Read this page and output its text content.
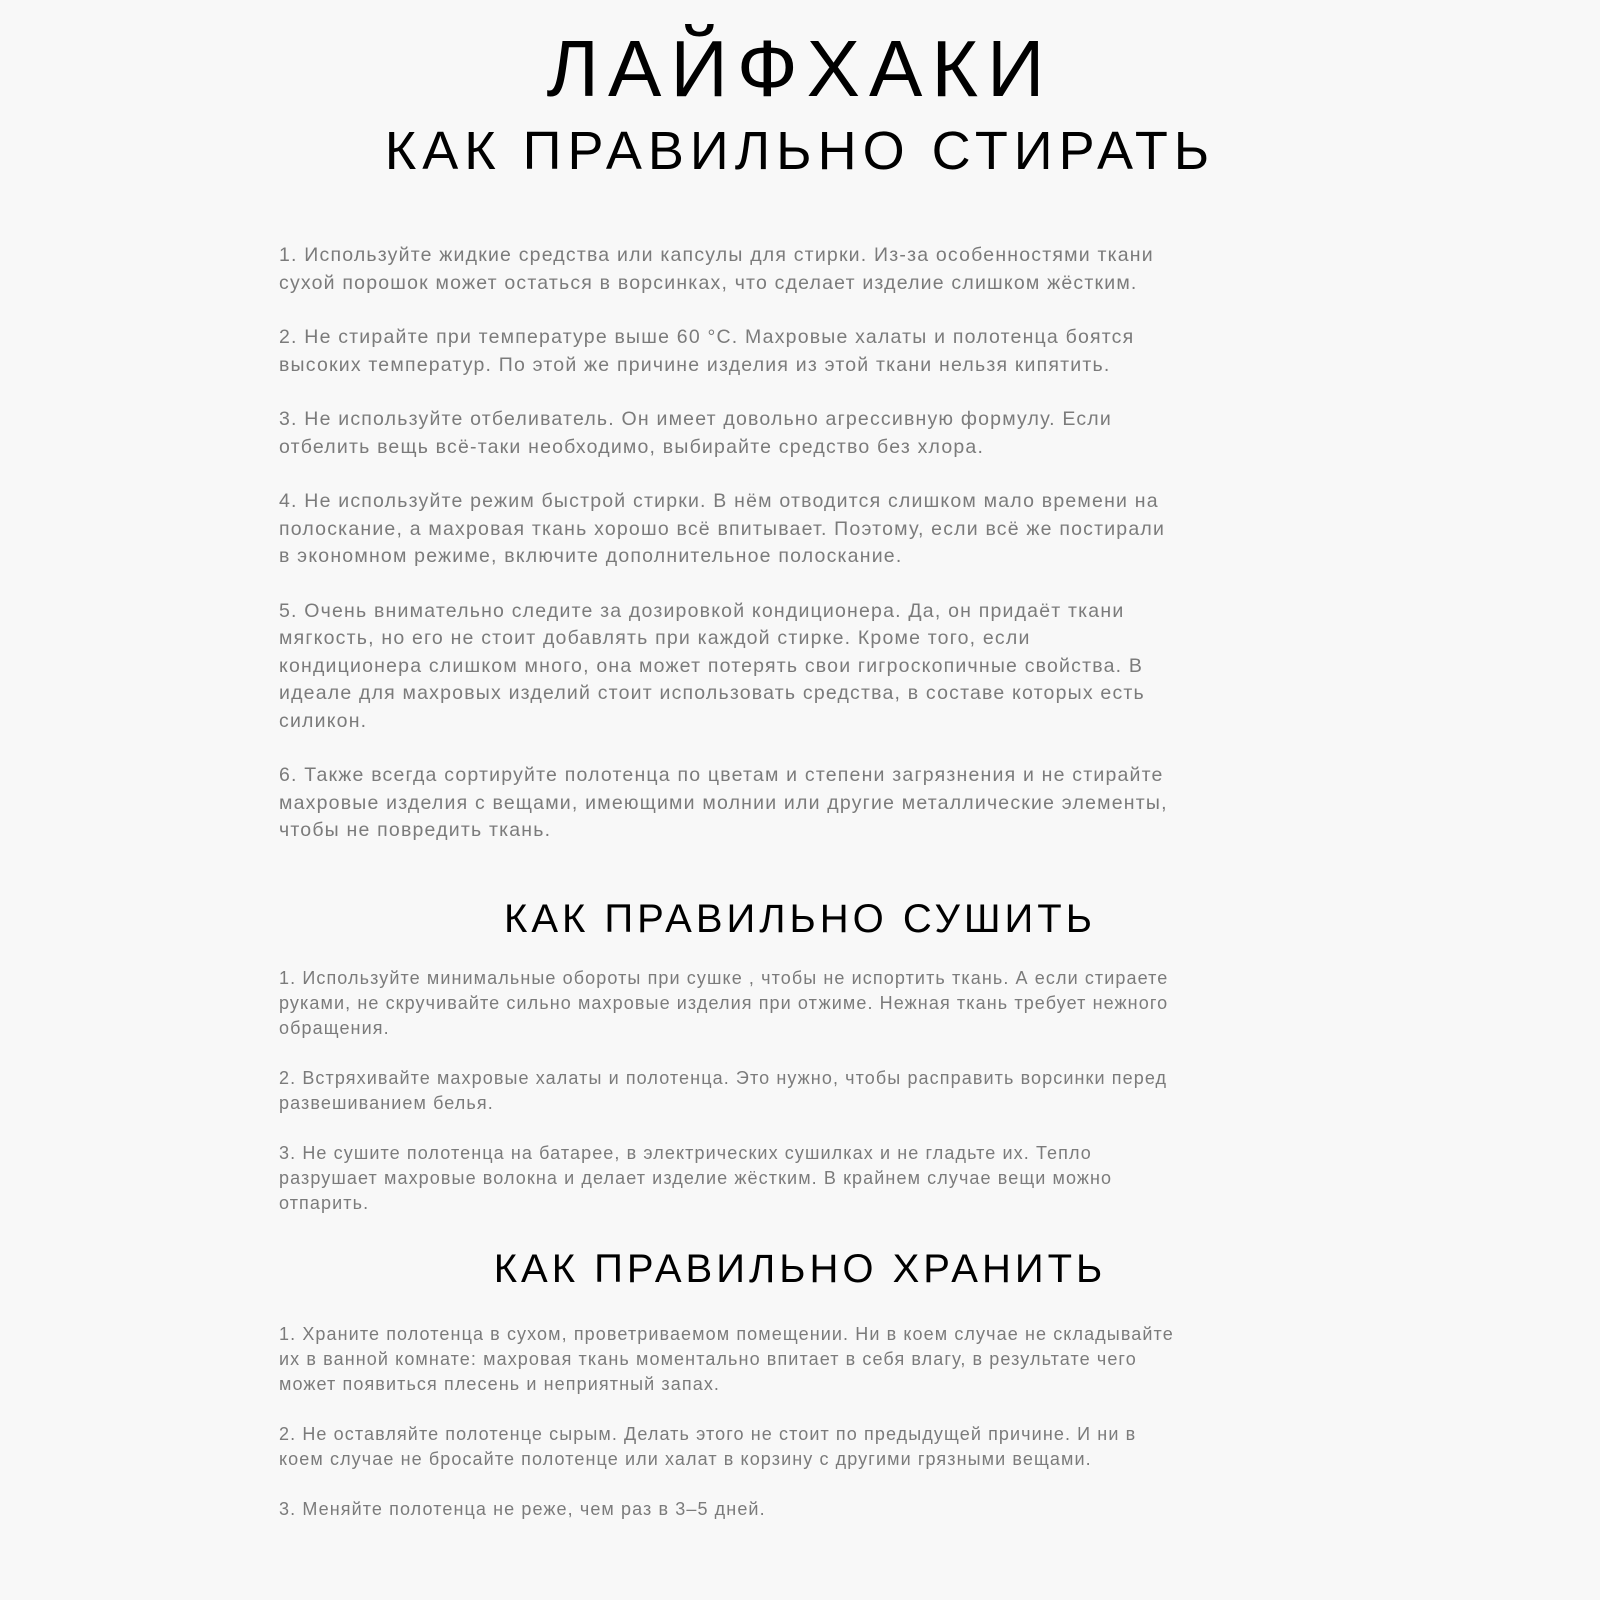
ЛАЙФХАКИ
КАК ПРАВИЛЬНО СТИРАТЬ

1. Используйте жидкие средства или капсулы для стирки. Из-за особенностями ткани
сухой порошок может остаться в ворсинках, что сделает изделие слишком жёстким.

2. Не стирайте при температуре выше 60 °С. Махровые халаты и полотенца боятся
высоких температур. По этой же причине изделия из этой ткани нельзя кипятить.

3. Не используйте отбеливатель. Он имеет довольно агрессивную формулу. Если
отбелить вещь всё-таки необходимо, выбирайте средство без хлора.

4. Не используйте режим быстрой стирки. В нём отводится слишком мало времени на
полоскание, а махровая ткань хорошо всё впитывает. Поэтому, если всё же постирали
в экономном режиме, включите дополнительное полоскание.

5. Очень внимательно следите за дозировкой кондиционера. Да, он придаёт ткани
мягкость, но его не стоит добавлять при каждой стирке. Кроме того, если
кондиционера слишком много, она может потерять свои гигроскопичные свойства. В
идеале для махровых изделий стоит использовать средства, в составе которых есть
силикон.

6. Также всегда сортируйте полотенца по цветам и степени загрязнения и не стирайте
махровые изделия с вещами, имеющими молнии или другие металлические элементы,
чтобы не повредить ткань.

КАК ПРАВИЛЬНО СУШИТЬ

1. Используйте минимальные обороты при сушке , чтобы не испортить ткань. А если стираете
руками, не скручивайте сильно махровые изделия при отжиме. Нежная ткань требует нежного
обращения.

2. Встряхивайте махровые халаты и полотенца. Это нужно, чтобы расправить ворсинки перед
развешиванием белья.

3. Не сушите полотенца на батарее, в электрических сушилках и не гладьте их. Тепло
разрушает махровые волокна и делает изделие жёстким. В крайнем случае вещи можно
отпарить.

КАК ПРАВИЛЬНО ХРАНИТЬ

1. Храните полотенца в сухом, проветриваемом помещении. Ни в коем случае не складывайте
их в ванной комнате: махровая ткань моментально впитает в себя влагу, в результате чего
может появиться плесень и неприятный запах.

2. Не оставляйте полотенце сырым. Делать этого не стоит по предыдущей причине. И ни в
коем случае не бросайте полотенце или халат в корзину с другими грязными вещами.

3. Меняйте полотенца не реже, чем раз в 3–5 дней.
